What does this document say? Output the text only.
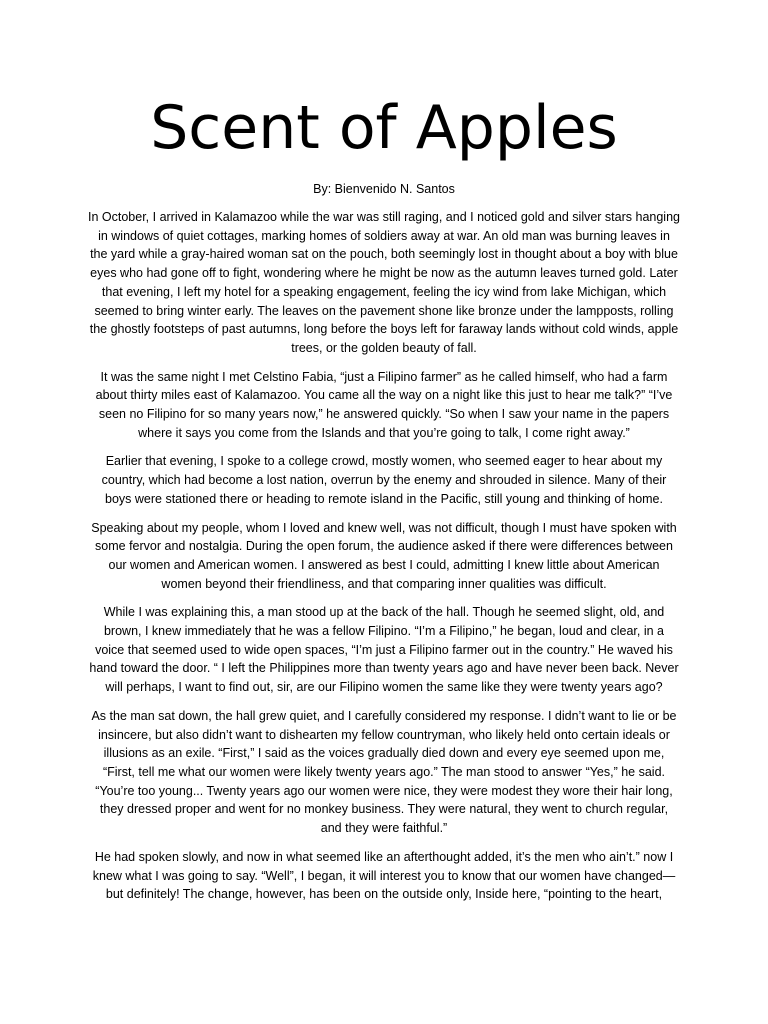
Scent of Apples

By: Bienvenido N. Santos

In October, I arrived in Kalamazoo while the war was still raging, and I noticed gold and silver stars hanging in windows of quiet cottages, marking homes of soldiers away at war. An old man was burning leaves in the yard while a gray-haired woman sat on the pouch, both seemingly lost in thought about a boy with blue eyes who had gone off to fight, wondering where he might be now as the autumn leaves turned gold. Later that evening, I left my hotel for a speaking engagement, feeling the icy wind from lake Michigan, which seemed to bring winter early. The leaves on the pavement shone like bronze under the lampposts, rolling the ghostly footsteps of past autumns, long before the boys left for faraway lands without cold winds, apple trees, or the golden beauty of fall.

It was the same night I met Celstino Fabia, “just a Filipino farmer” as he called himself, who had a farm about thirty miles east of Kalamazoo. You came all the way on a night like this just to hear me talk?” “I’ve seen no Filipino for so many years now,” he answered quickly. “So when I saw your name in the papers where it says you come from the Islands and that you’re going to talk, I come right away.”

Earlier that evening, I spoke to a college crowd, mostly women, who seemed eager to hear about my country, which had become a lost nation, overrun by the enemy and shrouded in silence. Many of their boys were stationed there or heading to remote island in the Pacific, still young and thinking of home.

Speaking about my people, whom I loved and knew well, was not difficult, though I must have spoken with some fervor and nostalgia. During the open forum, the audience asked if there were differences between our women and American women. I answered as best I could, admitting I knew little about American women beyond their friendliness, and that comparing inner qualities was difficult.

While I was explaining this, a man stood up at the back of the hall. Though he seemed slight, old, and brown, I knew immediately that he was a fellow Filipino. “I’m a Filipino,” he began, loud and clear, in a voice that seemed used to wide open spaces, “I’m just a Filipino farmer out in the country.” He waved his hand toward the door. “ I left the Philippines more than twenty years ago and have never been back. Never will perhaps, I want to find out, sir, are our Filipino women the same like they were twenty years ago?

As the man sat down, the hall grew quiet, and I carefully considered my response. I didn’t want to lie or be insincere, but also didn’t want to dishearten my fellow countryman, who likely held onto certain ideals or illusions as an exile. “First,” I said as the voices gradually died down and every eye seemed upon me, “First, tell me what our women were likely twenty years ago.” The man stood to answer “Yes,” he said. “You’re too young... Twenty years ago our women were nice, they were modest they wore their hair long, they dressed proper and went for no monkey business. They were natural, they went to church regular, and they were faithful.”

He had spoken slowly, and now in what seemed like an afterthought added, it’s the men who ain’t.” now I knew what I was going to say. “Well”, I began, it will interest you to know that our women have changed—but definitely! The change, however, has been on the outside only, Inside here, “pointing to the heart,
